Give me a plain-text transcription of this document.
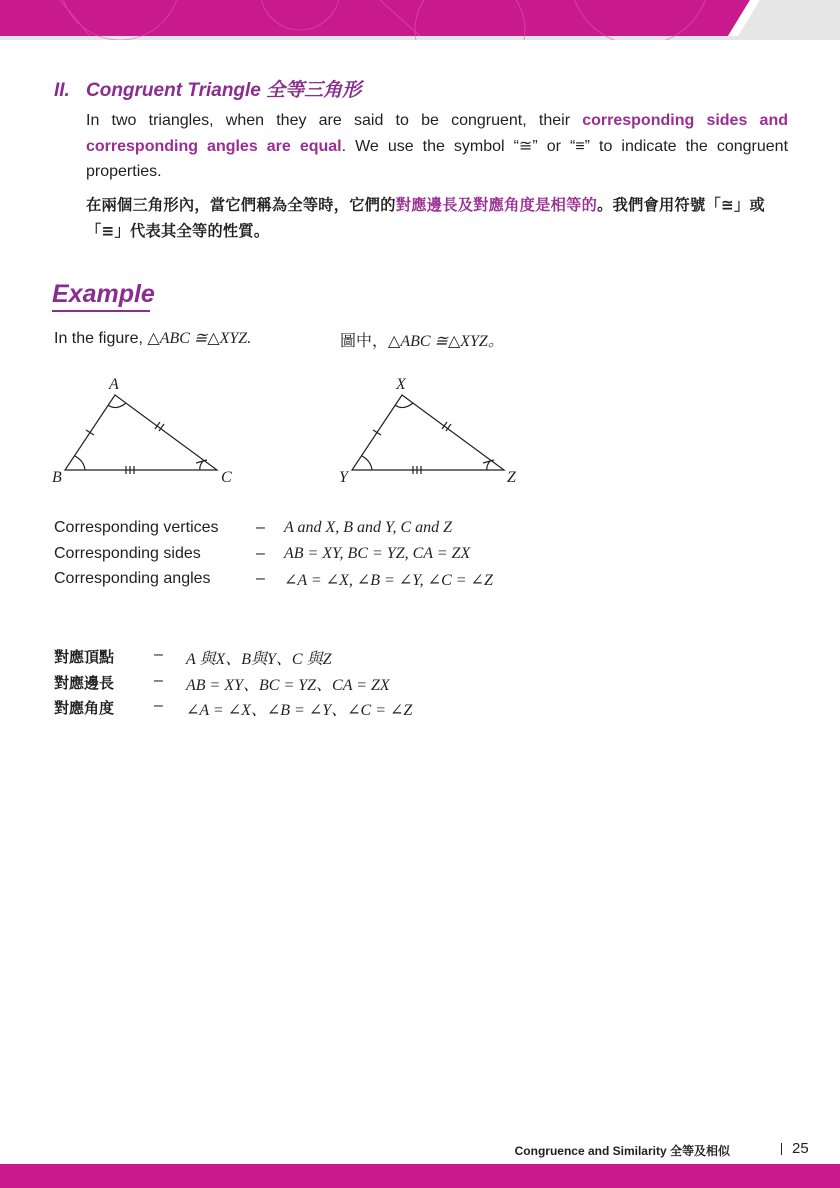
II. Congruent Triangle 全等三角形

In two triangles, when they are said to be congruent, their corresponding sides and corresponding angles are equal. We use the symbol “≅” or “≡” to indicate the congruent properties.

在兩個三角形內，當它們稱為全等時，它們的對應邊長及對應角度是相等的。我們會用符號「≅」或「≡」代表其全等的性質。

Example
In the figure, △ABC ≅△XYZ.	圖中，△ABC ≅△XYZ。
A
B	C
X
Y	Z
Corresponding vertices – A and X, B and Y, C and Z
Corresponding sides	– AB = XY, BC = YZ, CA = ZX
Corresponding angles	– ∠A = ∠X, ∠B = ∠Y, ∠C = ∠Z
對應頂點 – A 與X、B與Y、C 與Z
對應邊長 – AB = XY、BC = YZ、CA = ZX
對應角度 – ∠A = ∠X、∠B = ∠Y、∠C = ∠Z
Congruence and Similarity 全等及相似	25
